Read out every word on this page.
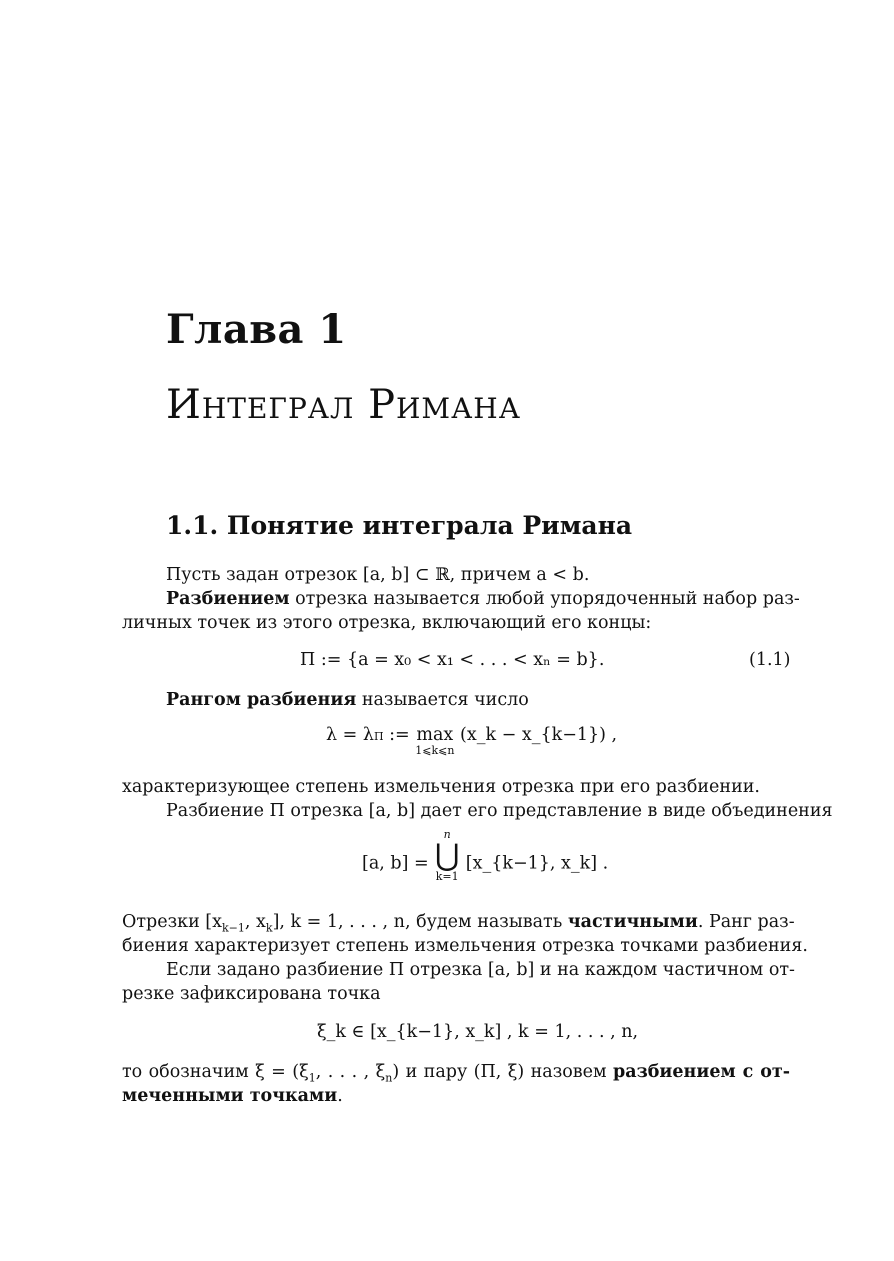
Глава 1
Интеграл Римана
1.1. Понятие интеграла Римана
Пусть задан отрезок [a, b] ⊂ ℝ, причем a < b.
Разбиением отрезка называется любой упорядоченный набор раз-
личных точек из этого отрезка, включающий его концы:
Π := {a = x₀ < x₁ < . . . < xₙ = b}.	(1.1)
Рангом разбиения называется число
λ = λΠ := max
1⩽k⩽n
(x_k − x_{k−1}) ,
характеризующее степень измельчения отрезка при его разбиении.
Разбиение Π отрезка [a, b] дает его представление в виде объединения
[a, b] =
n
⋃
k=1
[x_{k−1}, x_k] .
Отрезки [$x_{k-1}$, $x_k$], k = 1, . . . , n, будем называть частичными. Ранг раз-
биения характеризует степень измельчения отрезка точками разбиения.
Если задано разбиение Π отрезка [a, b] и на каждом частичном от-
резке зафиксирована точка
ξ_k ∈ [x_{k−1}, x_k] , k = 1, . . . , n,
то обозначим $\xi = (\xi_1$, . . . , $\xi_n$) и пару (Π, ξ) назовем разбиением с от-
меченными точками.
